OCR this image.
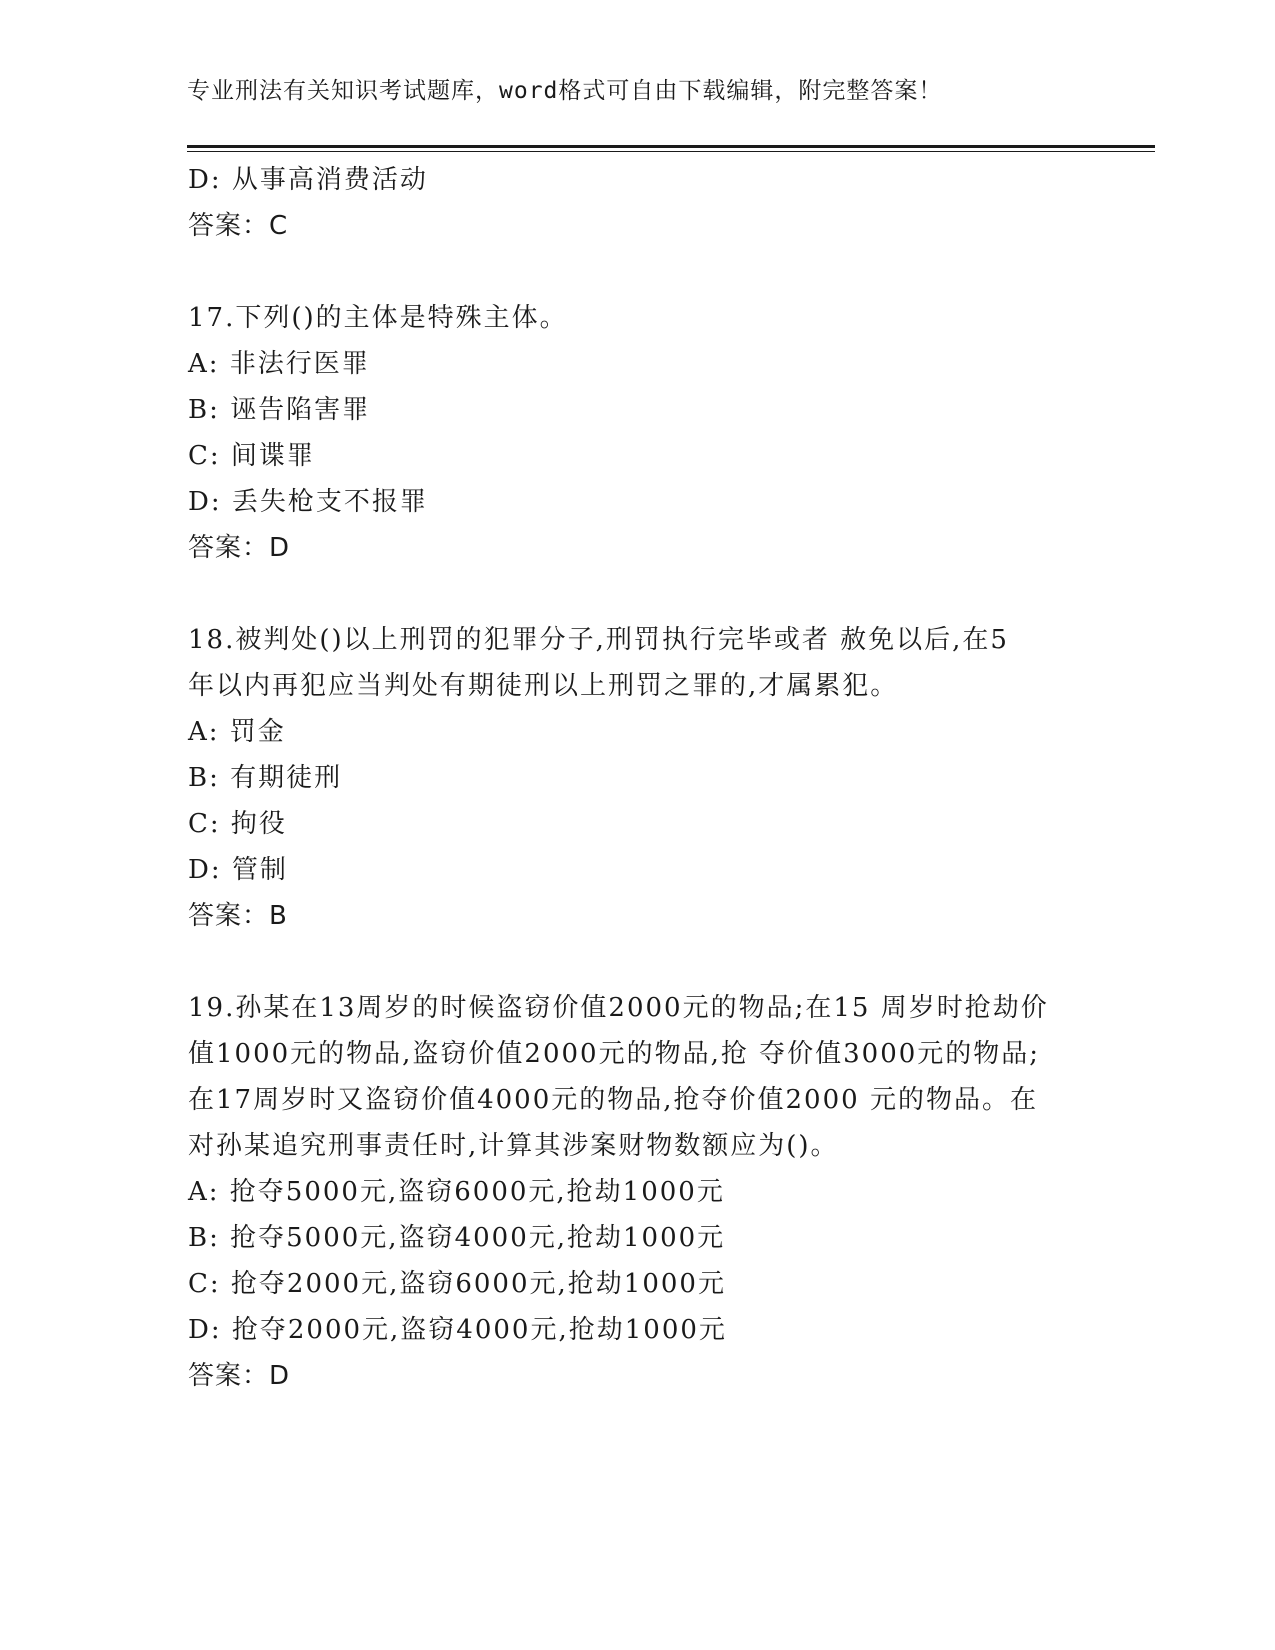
专业刑法有关知识考试题库，word格式可自由下载编辑，附完整答案！
D: 从事高消费活动
答案：C
17.下列()的主体是特殊主体。
A: 非法行医罪
B: 诬告陷害罪
C: 间谍罪
D: 丢失枪支不报罪
答案：D
18.被判处()以上刑罚的犯罪分子,刑罚执行完毕或者 赦免以后,在5
年以内再犯应当判处有期徒刑以上刑罚之罪的,才属累犯。
A: 罚金
B: 有期徒刑
C: 拘役
D: 管制
答案：B
19.孙某在13周岁的时候盗窃价值2000元的物品;在15 周岁时抢劫价
值1000元的物品,盗窃价值2000元的物品,抢 夺价值3000元的物品;
在17周岁时又盗窃价值4000元的物品,抢夺价值2000 元的物品。在
对孙某追究刑事责任时,计算其涉案财物数额应为()。
A: 抢夺5000元,盗窃6000元,抢劫1000元
B: 抢夺5000元,盗窃4000元,抢劫1000元
C: 抢夺2000元,盗窃6000元,抢劫1000元
D: 抢夺2000元,盗窃4000元,抢劫1000元
答案：D
